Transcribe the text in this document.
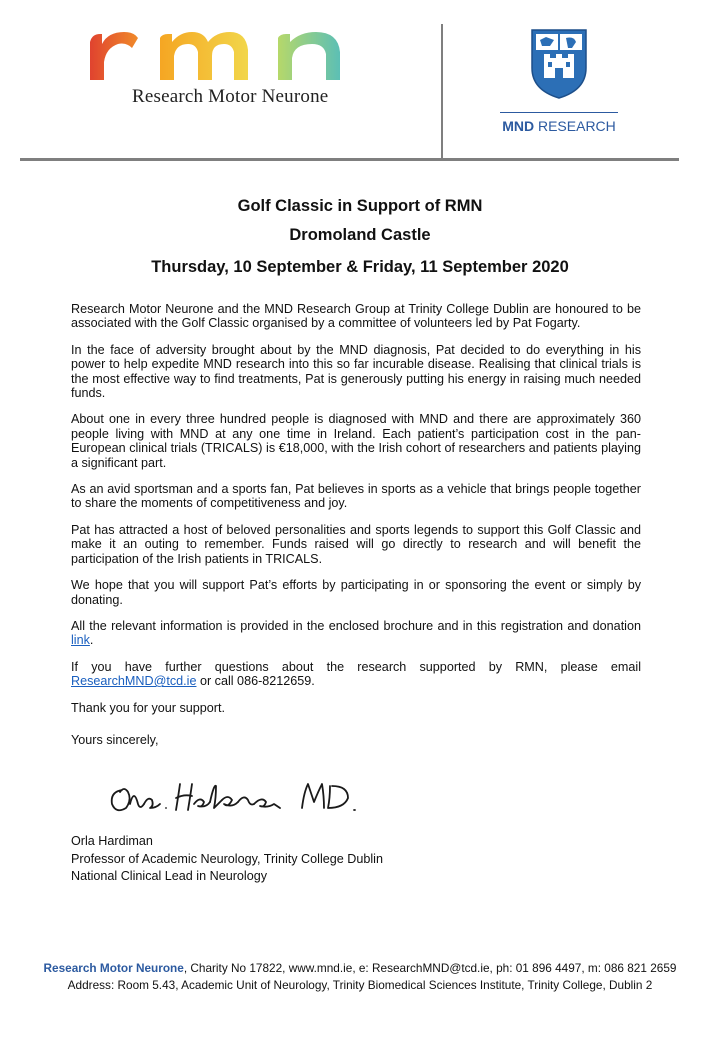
Research Motor Neurone
MND RESEARCH
Golf Classic in Support of RMN
Dromoland Castle
Thursday, 10 September & Friday, 11 September 2020

Research Motor Neurone and the MND Research Group at Trinity College Dublin are honoured to be associated with the Golf Classic organised by a committee of volunteers led by Pat Fogarty.

In the face of adversity brought about by the MND diagnosis, Pat decided to do everything in his power to help expedite MND research into this so far incurable disease. Realising that clinical trials is the most effective way to find treatments, Pat is generously putting his energy in raising much needed funds.

About one in every three hundred people is diagnosed with MND and there are approximately 360 people living with MND at any one time in Ireland. Each patient’s participation cost in the pan-European clinical trials (TRICALS) is €18,000, with the Irish cohort of researchers and patients playing a significant part.

As an avid sportsman and a sports fan, Pat believes in sports as a vehicle that brings people together to share the moments of competitiveness and joy.

Pat has attracted a host of beloved personalities and sports legends to support this Golf Classic and make it an outing to remember. Funds raised will go directly to research and will benefit the participation of the Irish patients in TRICALS.

We hope that you will support Pat’s efforts by participating in or sponsoring the event or simply by donating.

All the relevant information is provided in the enclosed brochure and in this registration and donation link.

If you have further questions about the research supported by RMN, please email ResearchMND@tcd.ie or call 086-8212659.

Thank you for your support.

Yours sincerely,

Orla Hardiman
Professor of Academic Neurology, Trinity College Dublin
National Clinical Lead in Neurology
Research Motor Neurone, Charity No 17822, www.mnd.ie, e: ResearchMND@tcd.ie, ph: 01 896 4497, m: 086 821 2659
Address: Room 5.43, Academic Unit of Neurology, Trinity Biomedical Sciences Institute, Trinity College, Dublin 2
